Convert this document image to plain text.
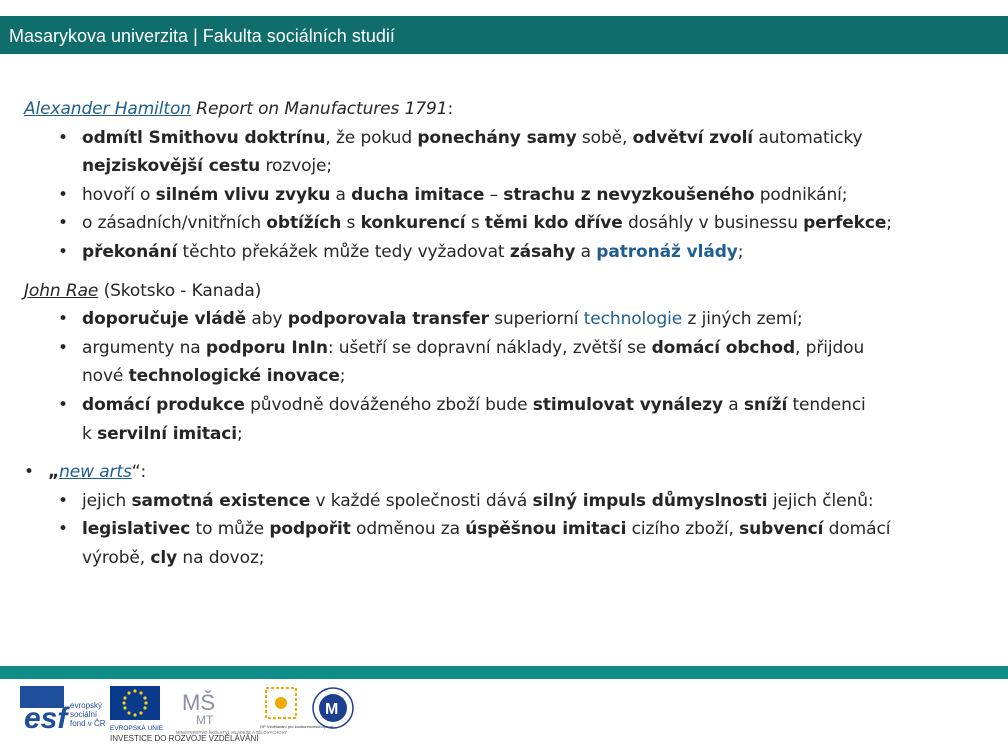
Masarykova univerzita | Fakulta sociálních studií

Alexander Hamilton Report on Manufactures 1791:

• odmítl Smithovu doktrínu, že pokud ponechány samy sobě, odvětví zvolí automaticky
nejziskovější cestu rozvoje;
• hovoří o silném vlivu zvyku a ducha imitace – strachu z nevyzkoušeného podnikání;
• o zásadních/vnitřních obtížích s konkurencí s těmi kdo dříve dosáhly v businessu perfekce;
• překonání těchto překážek může tedy vyžadovat zásahy a patronáž vlády;

John Rae (Skotsko - Kanada)

• doporučuje vládě aby podporovala transfer superiorní technologie z jiných zemí;
• argumenty na podporu InIn: ušetří se dopravní náklady, zvětší se domácí obchod, přijdou
nové technologické inovace;
• domácí produkce původně dováženého zboží bude stimulovat vynálezy a sníží tendenci
k servilní imitaci;
• „new arts“:
• jejich samotná existence v každé společnosti dává silný impuls důmyslnosti jejich členů:
• legislativec to může podpořit odměnou za úspěšnou imitaci cizího zboží, subvencí domácí
výrobě, cly na dovoz;
esf evropský
sociální
fond v ČR
EVROPSKÁ UNIE
MŠ
MT
MINISTERSTVO ŠKOLSTVÍ, MLÁDEŽE A TĚLOVÝCHOVY
OP Vzdělávání pro konkurenceschopnost
M
INVESTICE DO ROZVOJE VZDĚLÁVÁNÍ
